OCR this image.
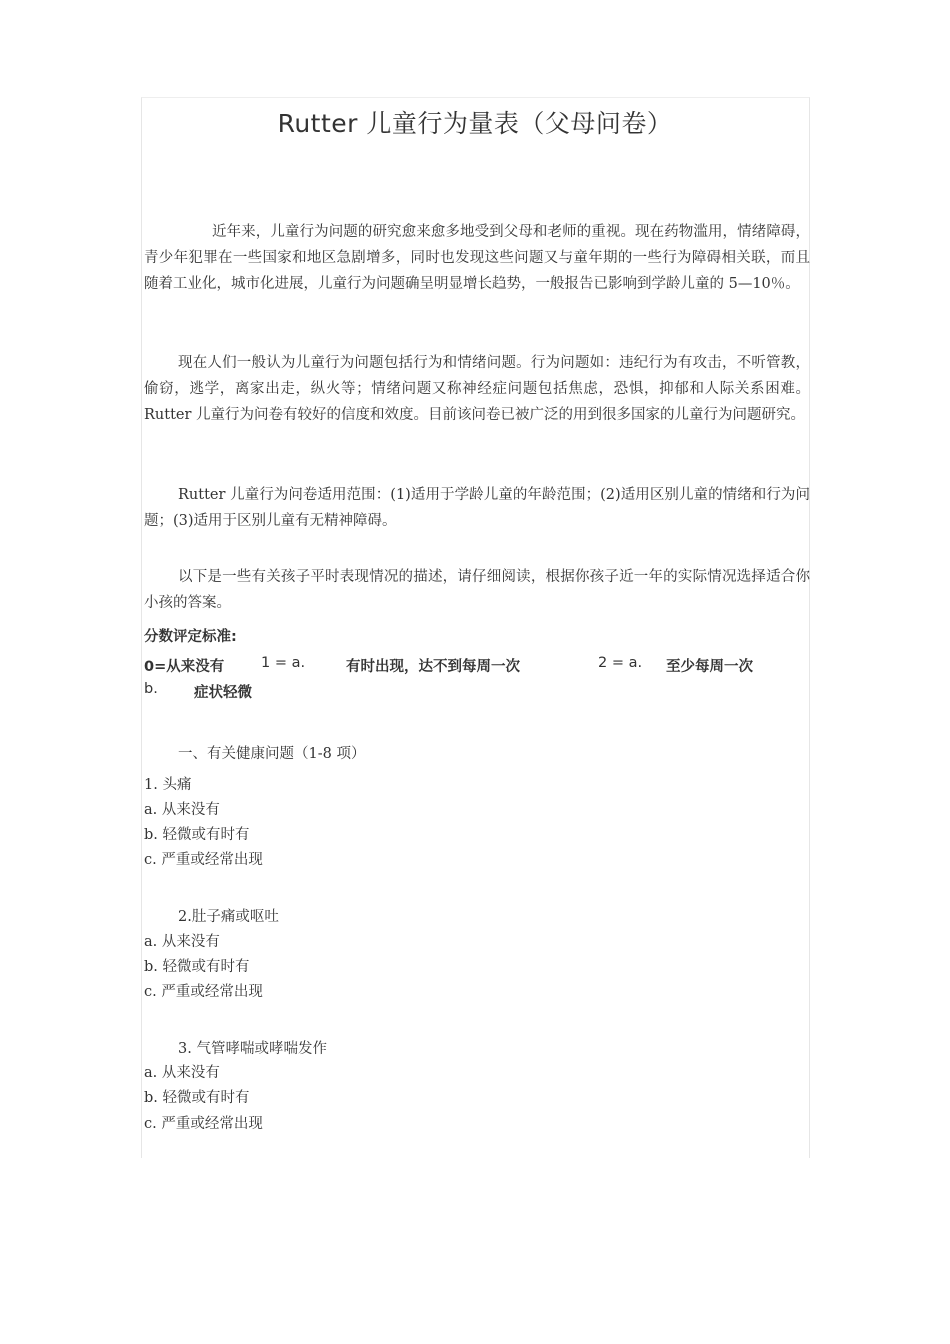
Rutter 儿童行为量表（父母问卷）

近年来，儿童行为问题的研究愈来愈多地受到父母和老师的重视。现在药物滥用，情绪障碍，青少年犯罪在一些国家和地区急剧增多，同时也发现这些问题又与童年期的一些行为障碍相关联，而且随着工业化，城市化进展，儿童行为问题确呈明显增长趋势，一般报告已影响到学龄儿童的 5—10％。

现在人们一般认为儿童行为问题包括行为和情绪问题。行为问题如：违纪行为有攻击，不听管教，偷窃，逃学，离家出走，纵火等；情绪问题又称神经症问题包括焦虑，恐惧，抑郁和人际关系困难。Rutter 儿童行为问卷有较好的信度和效度。目前该问卷已被广泛的用到很多国家的儿童行为问题研究。

Rutter 儿童行为问卷适用范围：(1)适用于学龄儿童的年龄范围；(2)适用区别儿童的情绪和行为问题；(3)适用于区别儿童有无精神障碍。

以下是一些有关孩子平时表现情况的描述，请仔细阅读，根据你孩子近一年的实际情况选择适合你小孩的答案。

分数评定标准:
0=从来没有	1 = a.	有时出现，达不到每周一次	2 = a. 至少每周一次
b. 症状轻微
一、有关健康问题（1-8 项）
1. 头痛
a. 从来没有
b. 轻微或有时有
c. 严重或经常出现
2.肚子痛或呕吐
a. 从来没有
b. 轻微或有时有
c. 严重或经常出现
3. 气管哮喘或哮喘发作
a. 从来没有
b. 轻微或有时有
c. 严重或经常出现
